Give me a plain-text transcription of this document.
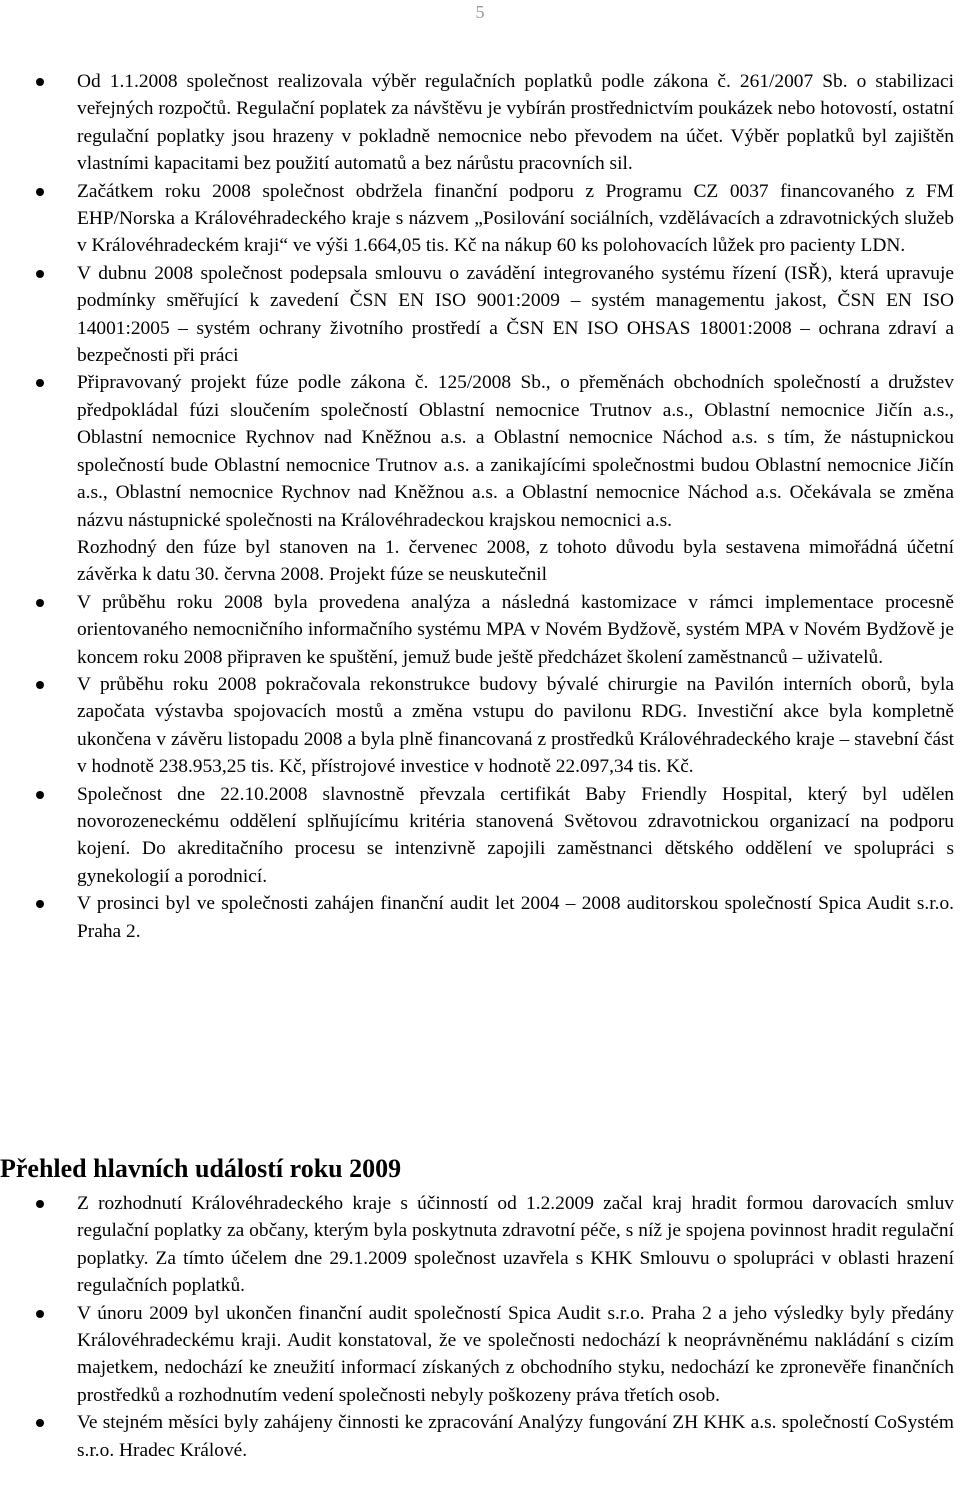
5
Od 1.1.2008 společnost realizovala výběr regulačních poplatků podle zákona č. 261/2007 Sb. o stabilizaci veřejných rozpočtů. Regulační poplatek za návštěvu je vybírán prostřednictvím poukázek nebo hotovostí, ostatní regulační poplatky jsou hrazeny v pokladně nemocnice nebo převodem na účet. Výběr poplatků byl zajištěn vlastními kapacitami bez použití automatů a bez nárůstu pracovních sil.
Začátkem roku 2008 společnost obdržela finanční podporu z Programu CZ 0037 financovaného z FM EHP/Norska a Královéhradeckého kraje s názvem „Posilování sociálních, vzdělávacích a zdravotnických služeb v Královéhradeckém kraji“ ve výši 1.664,05 tis. Kč na nákup 60 ks polohovacích lůžek pro pacienty LDN.
V dubnu 2008 společnost podepsala smlouvu o zavádění integrovaného systému řízení (ISŘ), která upravuje podmínky směřující k zavedení ČSN EN ISO 9001:2009 – systém managementu jakost, ČSN EN ISO 14001:2005 – systém ochrany životního prostředí a ČSN EN ISO OHSAS 18001:2008 – ochrana zdraví a bezpečnosti při práci
Připravovaný projekt fúze podle zákona č. 125/2008 Sb., o přeměnách obchodních společností a družstev předpokládal fúzi sloučením společností Oblastní nemocnice Trutnov a.s., Oblastní nemocnice Jičín a.s., Oblastní nemocnice Rychnov nad Kněžnou a.s. a Oblastní nemocnice Náchod a.s. s tím, že nástupnickou společností bude Oblastní nemocnice Trutnov a.s. a zanikajícími společnostmi budou Oblastní nemocnice Jičín a.s., Oblastní nemocnice Rychnov nad Kněžnou a.s. a Oblastní nemocnice Náchod a.s. Očekávala se změna názvu nástupnické společnosti na Královéhradeckou krajskou nemocnici a.s.
Rozhodný den fúze byl stanoven na 1. červenec 2008, z tohoto důvodu byla sestavena mimořádná účetní závěrka k datu 30. června 2008. Projekt fúze se neuskutečnil
V průběhu roku 2008 byla provedena analýza a následná kastomizace v rámci implementace procesně orientovaného nemocničního informačního systému MPA v Novém Bydžově, systém MPA v Novém Bydžově je koncem roku 2008 připraven ke spuštění, jemuž bude ještě předcházet školení zaměstnanců – uživatelů.
V průběhu roku 2008 pokračovala rekonstrukce budovy bývalé chirurgie na Pavilón interních oborů, byla započata výstavba spojovacích mostů a změna vstupu do pavilonu RDG. Investiční akce byla kompletně ukončena v závěru listopadu 2008 a byla plně financovaná z prostředků Královéhradeckého kraje – stavební část v hodnotě 238.953,25 tis. Kč, přístrojové investice v hodnotě 22.097,34 tis. Kč.
Společnost dne 22.10.2008 slavnostně převzala certifikát Baby Friendly Hospital, který byl udělen novorozeneckému oddělení splňujícímu kritéria stanovená Světovou zdravotnickou organizací na podporu kojení. Do akreditačního procesu se intenzivně zapojili zaměstnanci dětského oddělení ve spolupráci s gynekologií a porodnicí.
V prosinci byl ve společnosti zahájen finanční audit let 2004 – 2008 auditorskou společností Spica Audit s.r.o. Praha 2.
Přehled hlavních událostí roku 2009
Z rozhodnutí Královéhradeckého kraje s účinností od 1.2.2009 začal kraj hradit formou darovacích smluv regulační poplatky za občany, kterým byla poskytnuta zdravotní péče, s níž je spojena povinnost hradit regulační poplatky. Za tímto účelem dne 29.1.2009 společnost uzavřela s KHK Smlouvu o spolupráci v oblasti hrazení regulačních poplatků.
V únoru 2009 byl ukončen finanční audit společností Spica Audit s.r.o. Praha 2 a jeho výsledky byly předány Královéhradeckému kraji. Audit konstatoval, že ve společnosti nedochází k neoprávněnému nakládání s cizím majetkem, nedochází ke zneužití informací získaných z obchodního styku, nedochází ke zpronevěře finančních prostředků a rozhodnutím vedení společnosti nebyly poškozeny práva třetích osob.
Ve stejném měsíci byly zahájeny činnosti ke zpracování Analýzy fungování ZH KHK a.s. společností CoSystém s.r.o. Hradec Králové.
